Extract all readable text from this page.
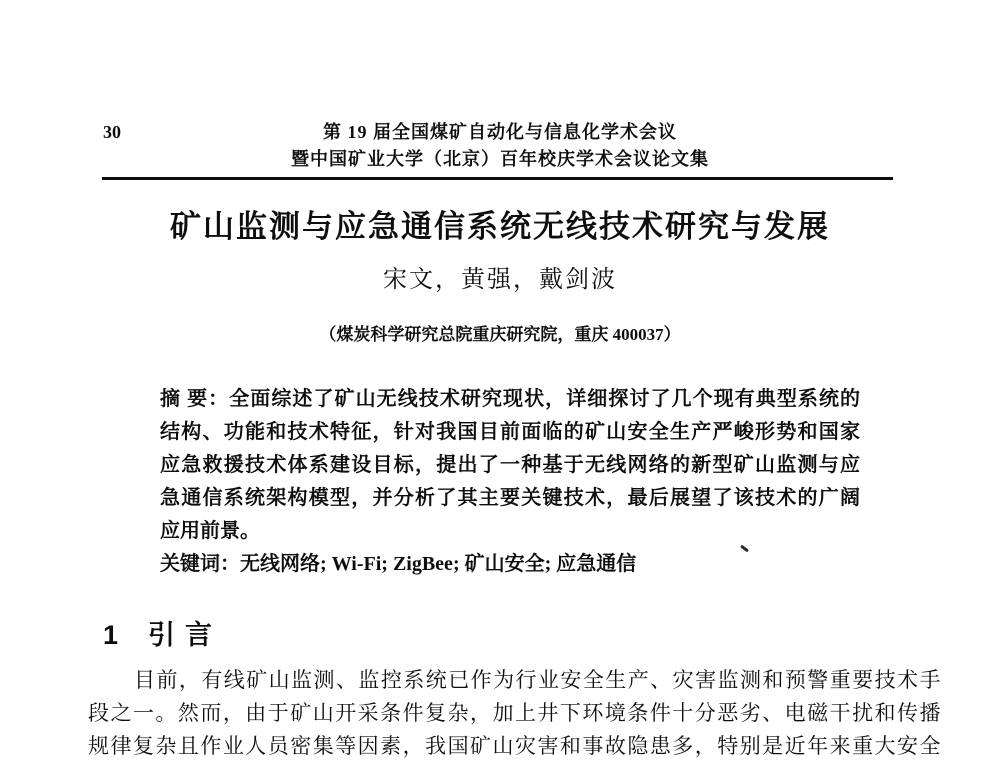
30	第 19 届全国煤矿自动化与信息化学术会议
暨中国矿业大学（北京）百年校庆学术会议论文集
矿山监测与应急通信系统无线技术研究与发展
宋文，黄强，戴剑波
（煤炭科学研究总院重庆研究院，重庆 400037）
摘 要：全面综述了矿山无线技术研究现状，详细探讨了几个现有典型系统的
结构、功能和技术特征，针对我国目前面临的矿山安全生产严峻形势和国家
应急救援技术体系建设目标，提出了一种基于无线网络的新型矿山监测与应
急通信系统架构模型，并分析了其主要关键技术，最后展望了该技术的广阔
应用前景。
关键词：无线网络; Wi-Fi; ZigBee; 矿山安全; 应急通信
1 引言
目前，有线矿山监测、监控系统已作为行业安全生产、灾害监测和预警重要技术手
段之一。然而，由于矿山开采条件复杂，加上井下环境条件十分恶劣、电磁干扰和传播
规律复杂且作业人员密集等因素，我国矿山灾害和事故隐患多，特别是近年来重大安全
